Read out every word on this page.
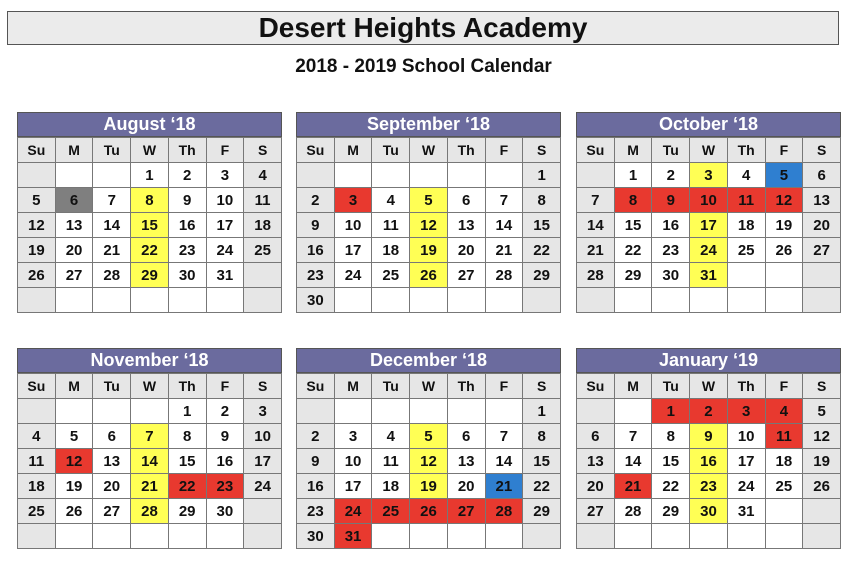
Desert Heights Academy
2018 - 2019 School Calendar
August ‘18
Su	M	Tu	W	Th	F	S
			1	2	3	4
5	6	7	8	9	10	11
12	13	14	15	16	17	18
19	20	21	22	23	24	25
26	27	28	29	30	31	

September ‘18
Su	M	Tu	W	Th	F	S
						1
2	3	4	5	6	7	8
9	10	11	12	13	14	15
16	17	18	19	20	21	22
23	24	25	26	27	28	29
30						
October ‘18
Su	M	Tu	W	Th	F	S
	1	2	3	4	5	6
7	8	9	10	11	12	13
14	15	16	17	18	19	20
21	22	23	24	25	26	27
28	29	30	31			

November ‘18
Su	M	Tu	W	Th	F	S
				1	2	3
4	5	6	7	8	9	10
11	12	13	14	15	16	17
18	19	20	21	22	23	24
25	26	27	28	29	30	

December ‘18
Su	M	Tu	W	Th	F	S
						1
2	3	4	5	6	7	8
9	10	11	12	13	14	15
16	17	18	19	20	21	22
23	24	25	26	27	28	29
30	31					
January ‘19
Su	M	Tu	W	Th	F	S
		1	2	3	4	5
6	7	8	9	10	11	12
13	14	15	16	17	18	19
20	21	22	23	24	25	26
27	28	29	30	31		
